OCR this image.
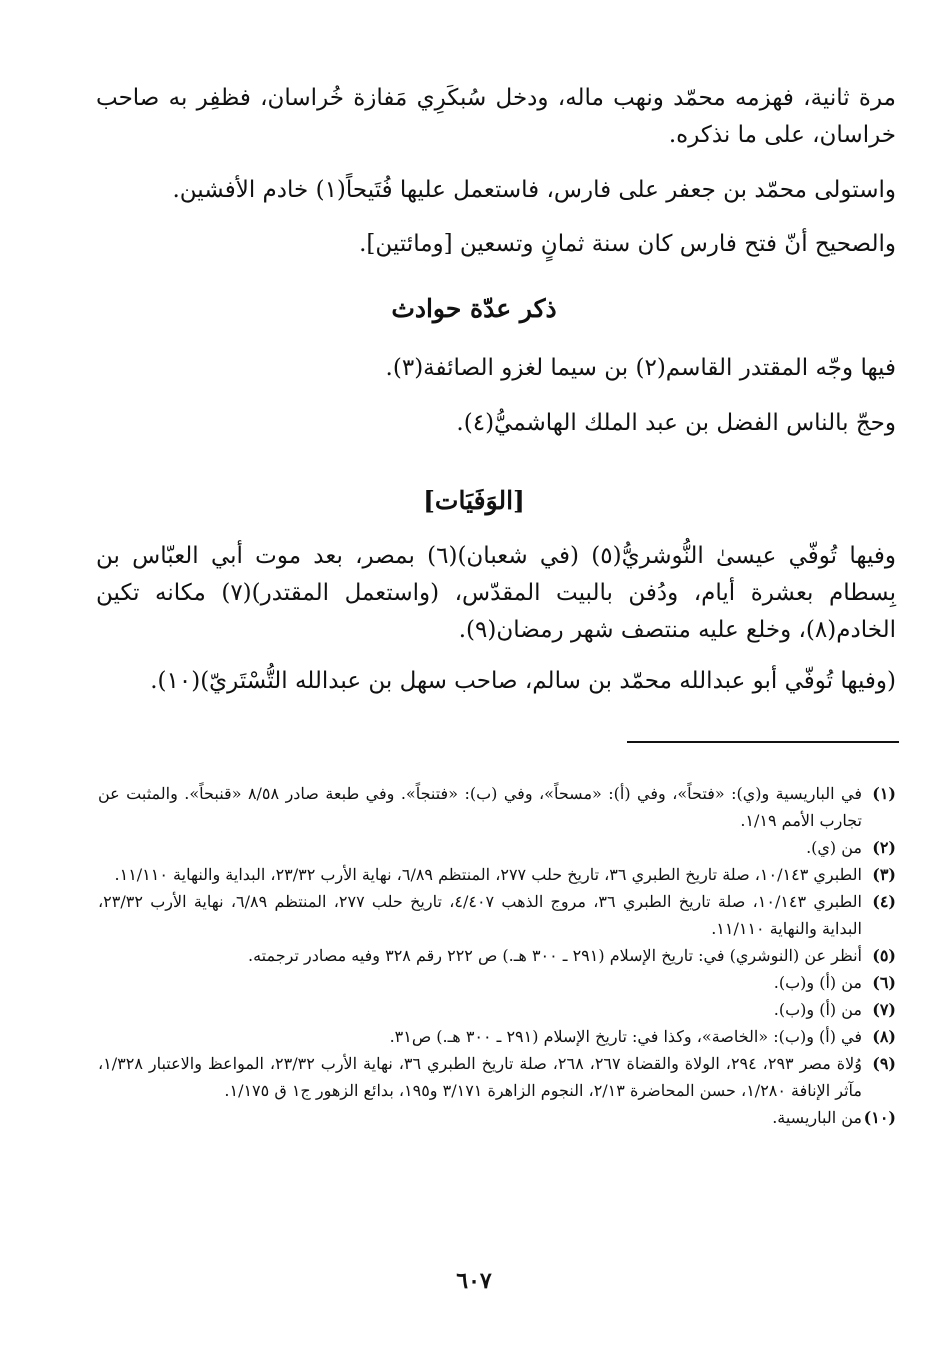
مرة ثانية، فهزمه محمّد ونهب ماله، ودخل سُبكَرِي مَفازة خُراسان، فظفِر به صاحب خراسان، على ما نذكره.

واستولى محمّد بن جعفر على فارس، فاستعمل عليها فُتَيحاً(١) خادم الأفشين.

والصحيح أنّ فتح فارس كان سنة ثمانٍ وتسعين [ومائتين].

ذكر عدّة حوادث

فيها وجّه المقتدر القاسم(٢) بن سيما لغزو الصائفة(٣).

وحجّ بالناس الفضل بن عبد الملك الهاشميُّ(٤).

[الوَفَيَات]

وفيها تُوفّي عيسىٰ النُّوشريُّ(٥) (في شعبان)(٦) بمصر، بعد موت أبي العبّاس بن بِسطام بعشرة أيام، ودُفن بالبيت المقدّس، (واستعمل المقتدر)(٧) مكانه تكين الخادم(٨)، وخلع عليه منتصف شهر رمضان(٩).

(وفيها تُوفّي أبو عبدالله محمّد بن سالم، صاحب سهل بن عبدالله التُّسْتَريّ)(١٠).

(١)
في الباريسية و(ي): «فتحاً»، وفي (أ): «مسحاً»، وفي (ب): «فتنجاً». وفي طبعة صادر ٨/٥٨ «قنبحاً». والمثبت عن تجارب الأمم ١/١٩.
(٢)
من (ي).
(٣)
الطبري ١٠/١٤٣، صلة تاريخ الطبري ٣٦، تاريخ حلب ٢٧٧، المنتظم ٦/٨٩، نهاية الأرب ٢٣/٣٢، البداية والنهاية ١١/١١٠.
(٤)
الطبري ١٠/١٤٣، صلة تاريخ الطبري ٣٦، مروج الذهب ٤/٤٠٧، تاريخ حلب ٢٧٧، المنتظم ٦/٨٩، نهاية الأرب ٢٣/٣٢، البداية والنهاية ١١/١١٠.
(٥)
أنظر عن (النوشري) في: تاريخ الإسلام (٢٩١ ـ ٣٠٠ هـ.) ص ٢٢٢ رقم ٣٢٨ وفيه مصادر ترجمته.
(٦)
من (أ) و(ب).
(٧)
من (أ) و(ب).
(٨)
في (أ) و(ب): «الخاصة»، وكذا في: تاريخ الإسلام (٢٩١ ـ ٣٠٠ هـ.) ص٣١.
(٩)
وُلاة مصر ٢٩٣، ٢٩٤، الولاة والقضاة ٢٦٧، ٢٦٨، صلة تاريخ الطبري ٣٦، نهاية الأرب ٢٣/٣٢، المواعظ والاعتبار ١/٣٢٨، مآثر الإنافة ١/٢٨٠، حسن المحاضرة ٢/١٣، النجوم الزاهرة ٣/١٧١ و١٩٥، بدائع الزهور ج١ ق ١/١٧٥.
(١٠)
من الباريسية.
٦٠٧
